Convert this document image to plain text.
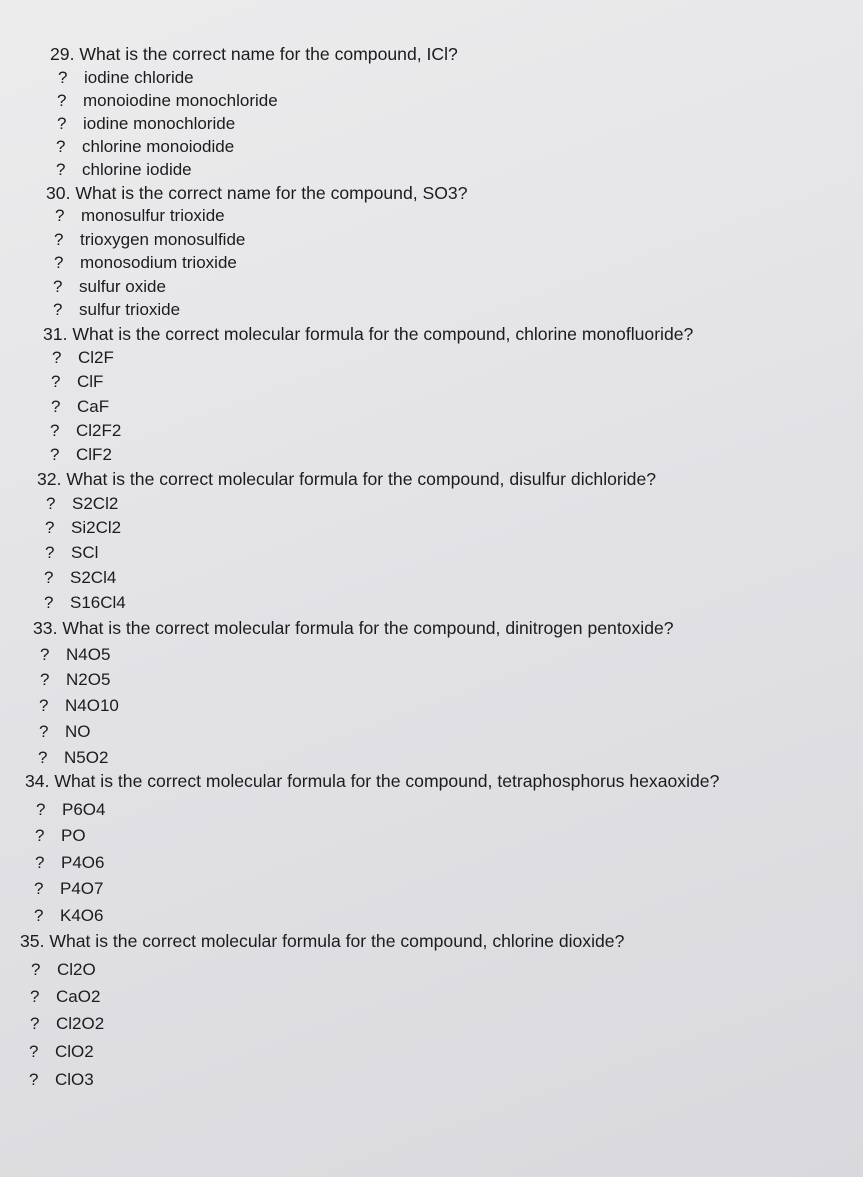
29. What is the correct name for the compound, ICl?
? iodine chloride
? monoiodine monochloride
? iodine monochloride
? chlorine monoiodide
? chlorine iodide
30. What is the correct name for the compound, SO3?
? monosulfur trioxide
? trioxygen monosulfide
? monosodium trioxide
? sulfur oxide
? sulfur trioxide
31. What is the correct molecular formula for the compound, chlorine monofluoride?
? Cl2F
? ClF
? CaF
? Cl2F2
? ClF2
32. What is the correct molecular formula for the compound, disulfur dichloride?
? S2Cl2
? Si2Cl2
? SCl
? S2Cl4
? S16Cl4
33. What is the correct molecular formula for the compound, dinitrogen pentoxide?
? N4O5
? N2O5
? N4O10
? NO
? N5O2
34. What is the correct molecular formula for the compound, tetraphosphorus hexaoxide?
? P6O4
? PO
? P4O6
? P4O7
? K4O6
35. What is the correct molecular formula for the compound, chlorine dioxide?
? Cl2O
? CaO2
? Cl2O2
? ClO2
? ClO3
